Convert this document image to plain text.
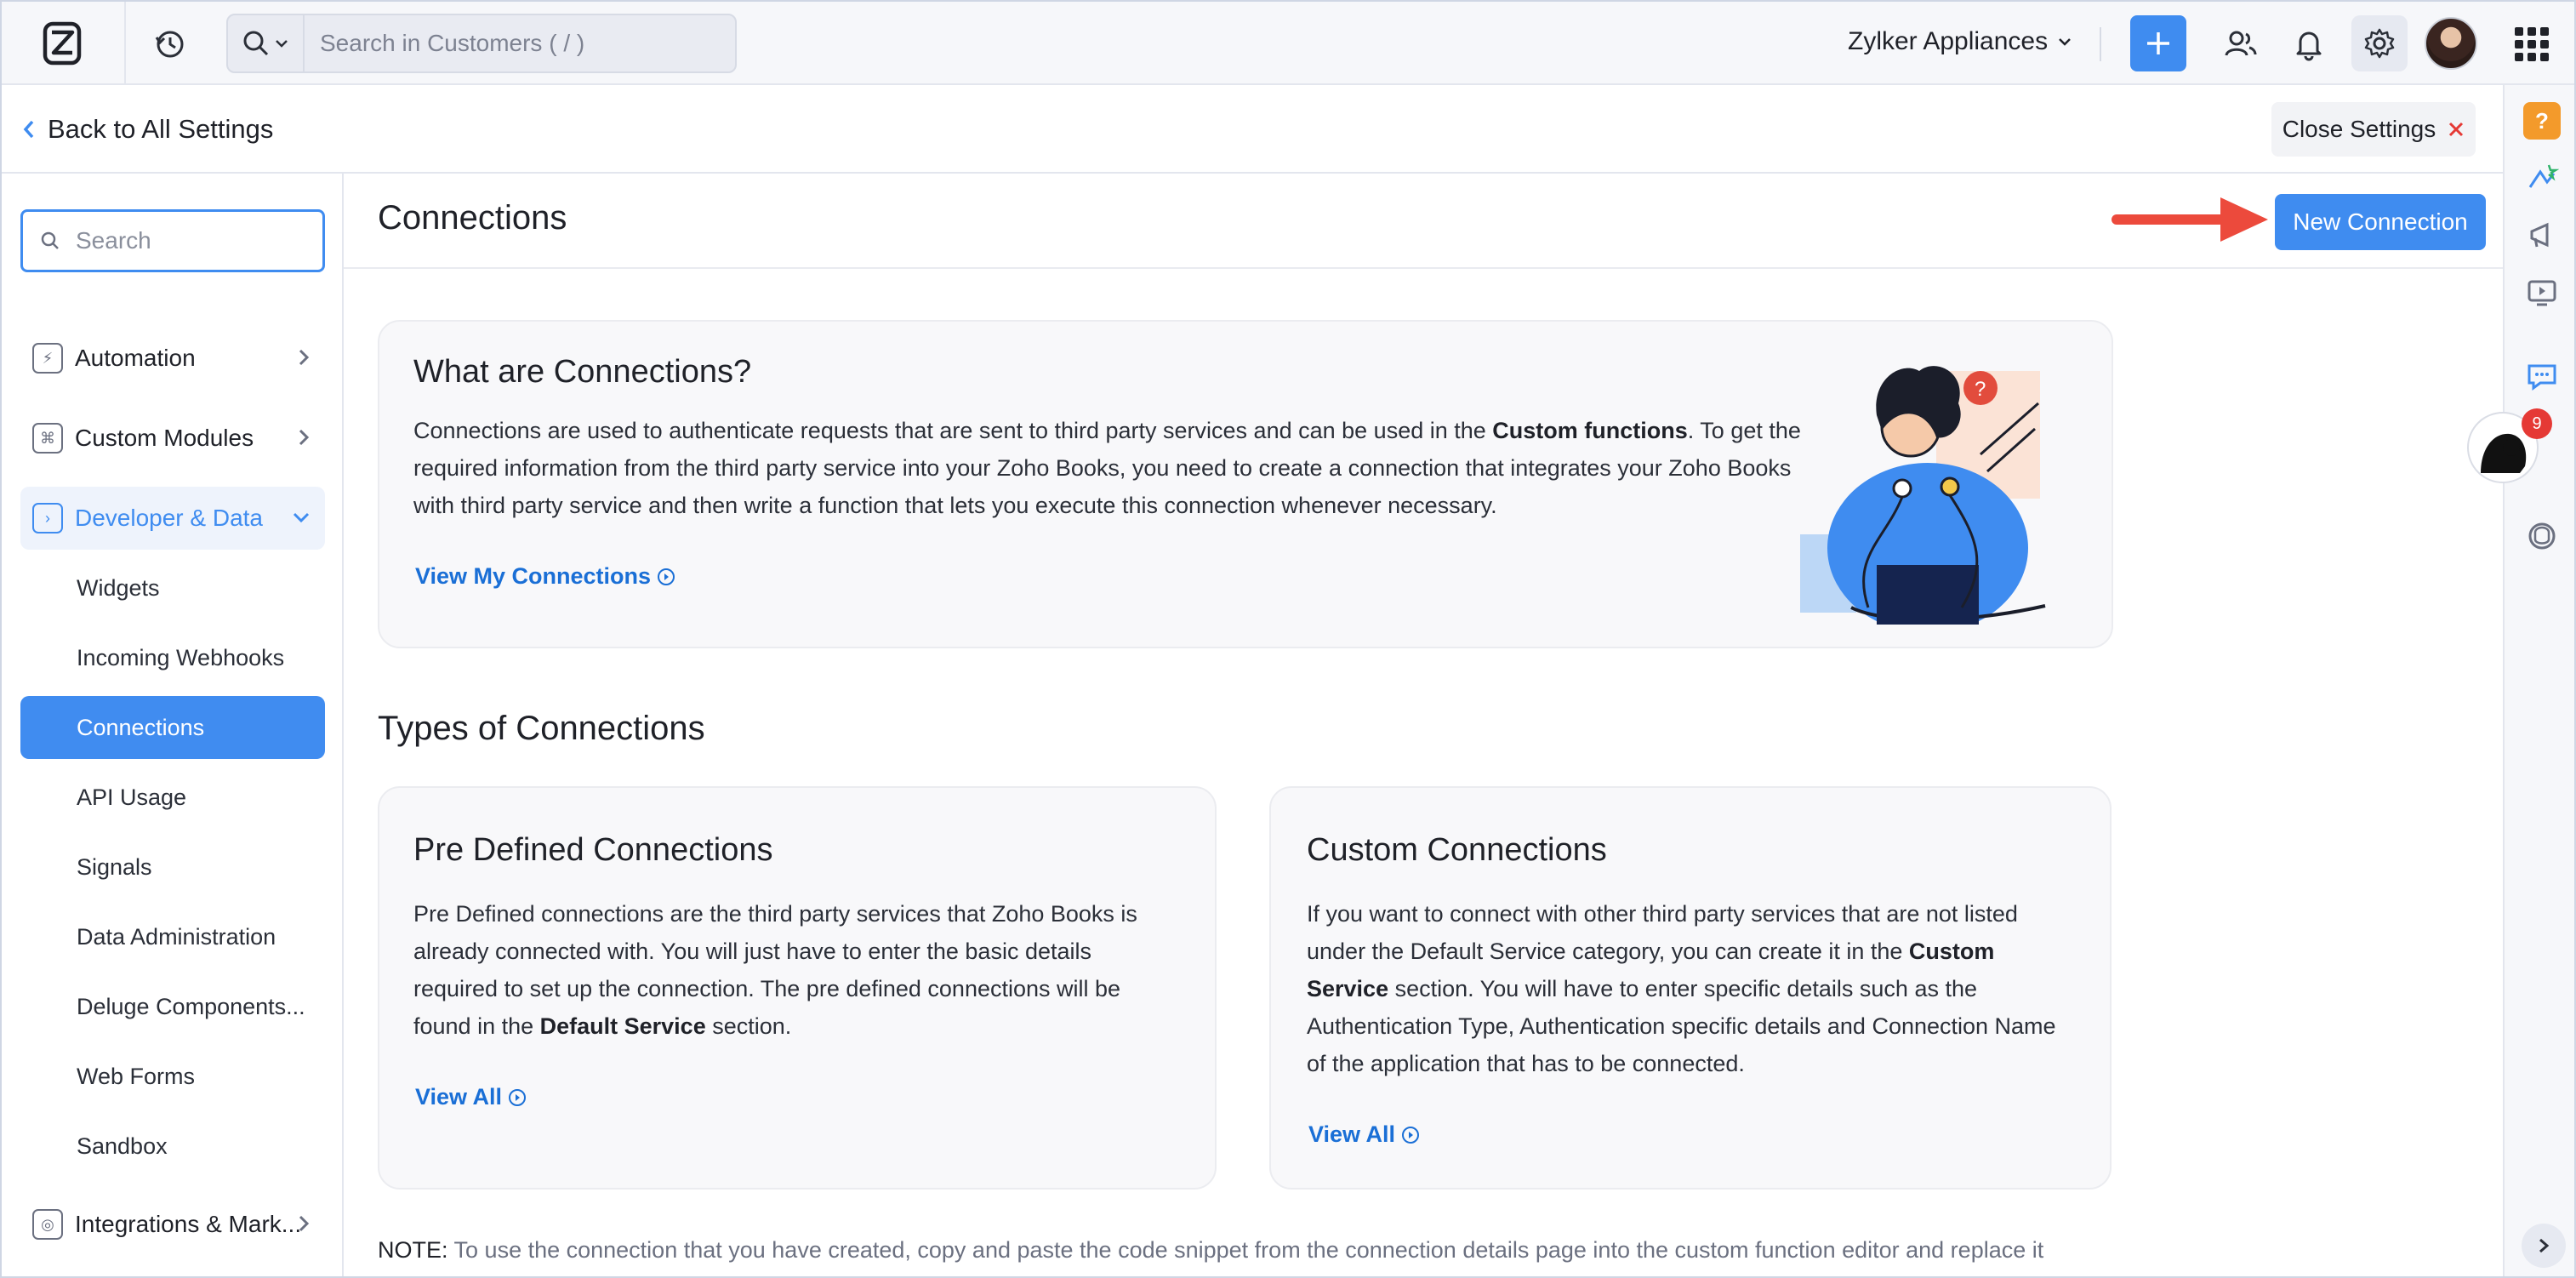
Search in Customers ( / )	Zylker Appliances
Back to All Settings	Close Settings
Search
⚡ Automation
⌘ Custom Modules
›	Developer & Data
Widgets
Incoming Webhooks
Connections
API Usage
Signals
Data Administration
Deluge Components...
Web Forms
Sandbox
◎ Integrations & Mark...
Connections	New Connection
What are Connections?

Connections are used to authenticate requests that are sent to third party services and can be used in the Custom functions. To get the required information from the third party service into your Zoho Books, you need to create a connection that integrates your Zoho Books with third party service and then write a function that lets you execute this connection whenever necessary.

View My Connections
?
Types of Connections
Pre Defined Connections

Pre Defined connections are the third party services that Zoho Books is already connected with. You will just have to enter the basic details required to set up the connection. The pre defined connections will be found in the Default Service section.

View All
Custom Connections

If you want to connect with other third party services that are not listed under the Default Service category, you can create it in the Custom Service section. You will have to enter specific details such as the Authentication Type, Authentication specific details and Connection Name of the application that has to be connected.

View All
NOTE: To use the connection that you have created, copy and paste the code snippet from the connection details page into the custom function editor and replace it
?
9
